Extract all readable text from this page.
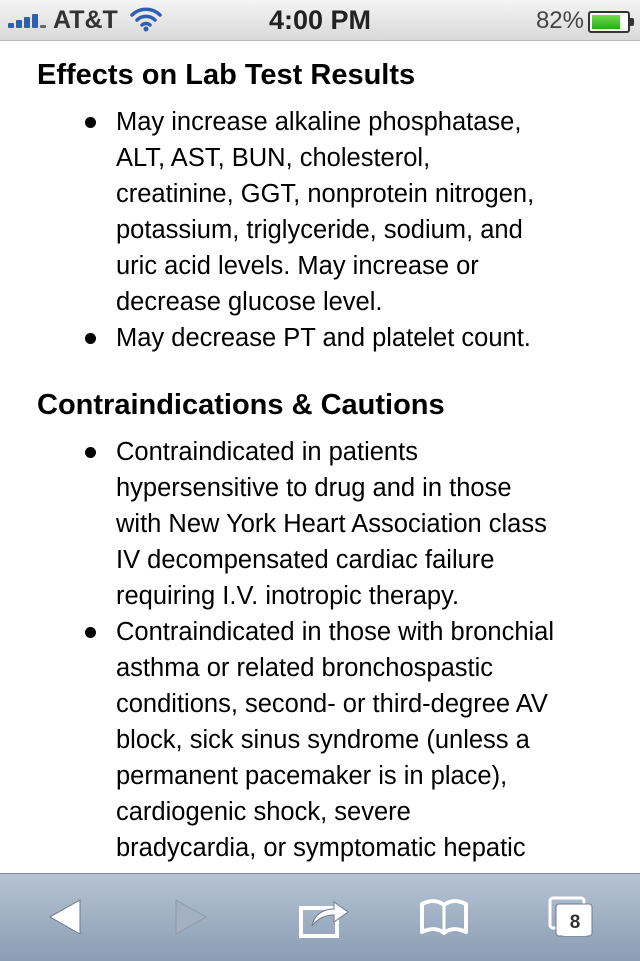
AT&T	4:00 PM	82%
Effects on Lab Test Results
May increase alkaline phosphatase,
ALT, AST, BUN, cholesterol,
creatinine, GGT, nonprotein nitrogen,
potassium, triglyceride, sodium, and
uric acid levels. May increase or
decrease glucose level.
May decrease PT and platelet count.
Contraindications & Cautions
Contraindicated in patients
hypersensitive to drug and in those
with New York Heart Association class
IV decompensated cardiac failure
requiring I.V. inotropic therapy.
Contraindicated in those with bronchial
asthma or related bronchospastic
conditions, second- or third-degree AV
block, sick sinus syndrome (unless a
permanent pacemaker is in place),
cardiogenic shock, severe
bradycardia, or symptomatic hepatic
8
